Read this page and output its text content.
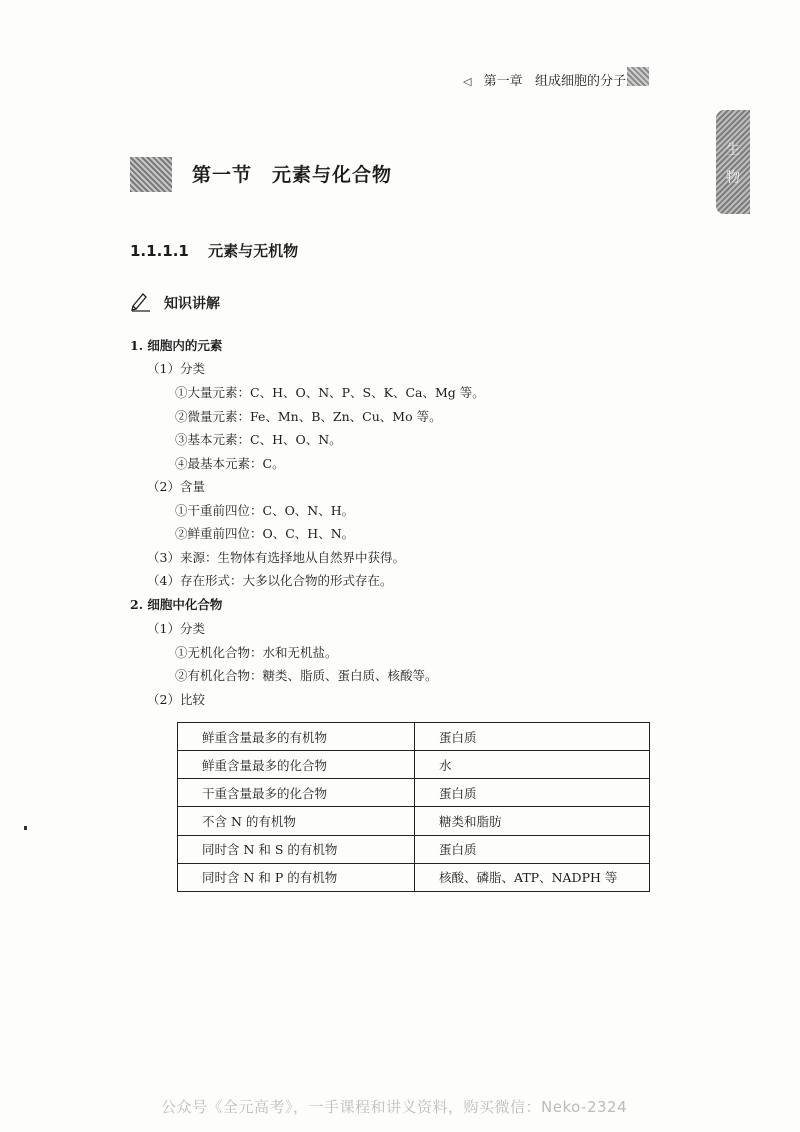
◁ 第一章 组成细胞的分子
生
物
第一节　元素与化合物
1.1.1.1 元素与无机物
知识讲解
1. 细胞内的元素
（1）分类
①大量元素：C、H、O、N、P、S、K、Ca、Mg 等。
②微量元素：Fe、Mn、B、Zn、Cu、Mo 等。
③基本元素：C、H、O、N。
④最基本元素：C。
（2）含量
①干重前四位：C、O、N、H。
②鲜重前四位：O、C、H、N。
（3）来源：生物体有选择地从自然界中获得。
（4）存在形式：大多以化合物的形式存在。
2. 细胞中化合物
（1）分类
①无机化合物：水和无机盐。
②有机化合物：糖类、脂质、蛋白质、核酸等。
（2）比较
鲜重含量最多的有机物	蛋白质
鲜重含量最多的化合物	水
干重含量最多的化合物	蛋白质
不含 N 的有机物	糖类和脂肪
同时含 N 和 S 的有机物	蛋白质
同时含 N 和 P 的有机物	核酸、磷脂、ATP、NADPH 等
公众号《全元高考》，一手课程和讲义资料，购买微信：Neko-2324
